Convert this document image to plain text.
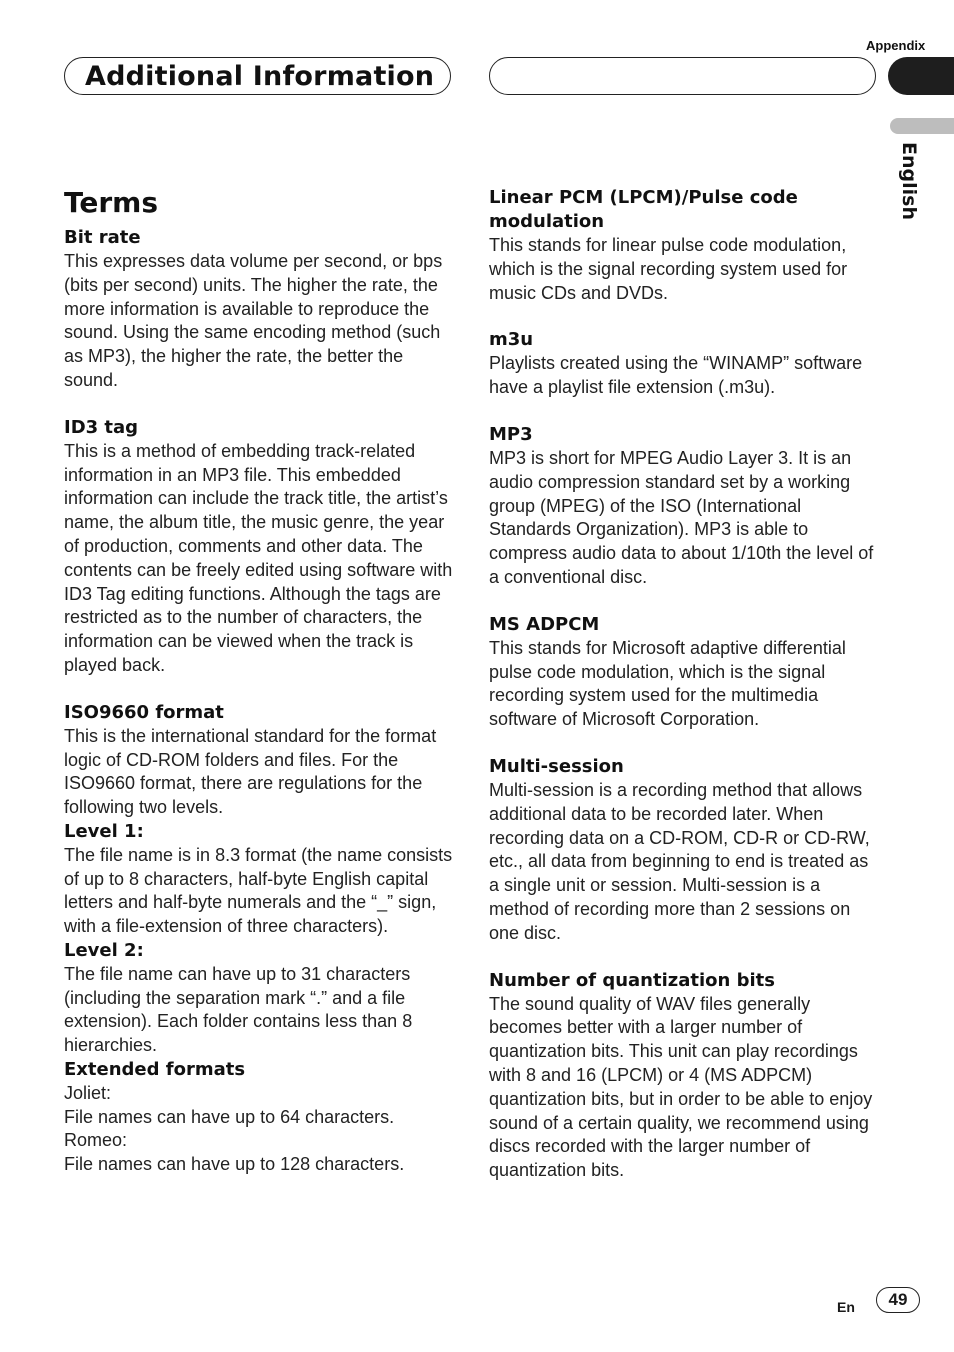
Appendix
Additional Information
English
Terms
Bit rate
This expresses data volume per second, or bps (bits per second) units. The higher the rate, the more information is available to reproduce the sound. Using the same encoding method (such as MP3), the higher the rate, the better the sound.
ID3 tag
This is a method of embedding track-related information in an MP3 file. This embedded information can include the track title, the artist’s name, the album title, the music genre, the year of production, comments and other data. The contents can be freely edited using software with ID3 Tag editing functions. Although the tags are restricted as to the number of characters, the information can be viewed when the track is played back.
ISO9660 format
This is the international standard for the format logic of CD-ROM folders and files. For the ISO9660 format, there are regulations for the following two levels.
Level 1:
The file name is in 8.3 format (the name consists of up to 8 characters, half-byte English capital letters and half-byte numerals and the “_” sign, with a file-extension of three characters).
Level 2:
The file name can have up to 31 characters (including the separation mark “.” and a file extension). Each folder contains less than 8 hierarchies.
Extended formats
Joliet:
File names can have up to 64 characters.
Romeo:
File names can have up to 128 characters.
Linear PCM (LPCM)/Pulse code modulation
This stands for linear pulse code modulation, which is the signal recording system used for music CDs and DVDs.
m3u
Playlists created using the “WINAMP” software have a playlist file extension (.m3u).
MP3
MP3 is short for MPEG Audio Layer 3. It is an audio compression standard set by a working group (MPEG) of the ISO (International Standards Organization). MP3 is able to compress audio data to about 1/10th the level of a conventional disc.
MS ADPCM
This stands for Microsoft adaptive differential pulse code modulation, which is the signal recording system used for the multimedia software of Microsoft Corporation.
Multi-session
Multi-session is a recording method that allows additional data to be recorded later. When recording data on a CD-ROM, CD-R or CD-RW, etc., all data from beginning to end is treated as a single unit or session. Multi-session is a method of recording more than 2 sessions on one disc.
Number of quantization bits
The sound quality of WAV files generally becomes better with a larger number of quantization bits. This unit can play recordings with 8 and 16 (LPCM) or 4 (MS ADPCM) quantization bits, but in order to be able to enjoy sound of a certain quality, we recommend using discs recorded with the larger number of quantization bits.
En	49
